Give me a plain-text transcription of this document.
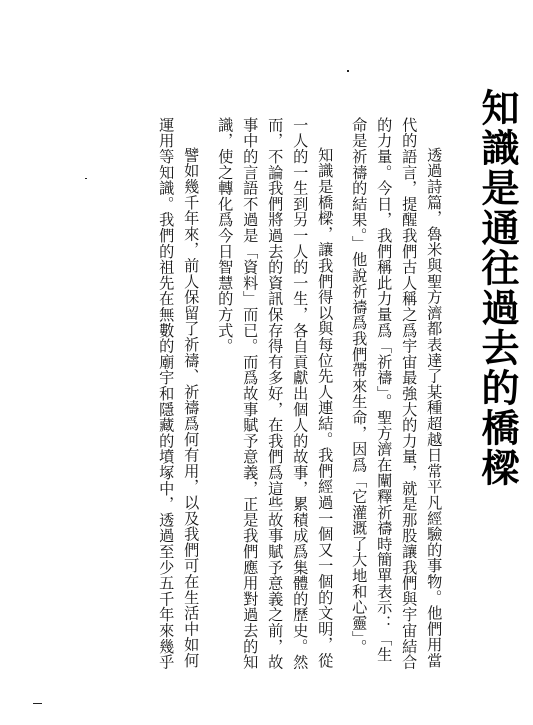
知識是通往過去的橋樑
透過詩篇，魯米與聖方濟都表達了某種超越日常平凡經驗的事物。他們用當
代的語言，提醒我們古人稱之爲宇宙最強大的力量，就是那股讓我們與宇宙結合
的力量。今日，我們稱此力量爲「祈禱」。聖方濟在闡釋祈禱時簡單表示：「生
命是祈禱的結果。」他說祈禱爲我們帶來生命，因爲「它灌溉了大地和心靈」。
知識是橋樑，讓我們得以與每位先人連結。我們經過一個又一個的文明，從
一人的一生到另一人的一生，各自貢獻出個人的故事，累積成爲集體的歷史。然
而，不論我們將過去的資訊保存得有多好，在我們爲這些故事賦予意義之前，故
事中的言語不過是「資料」而已。而爲故事賦予意義，正是我們應用對過去的知
識，使之轉化爲今日智慧的方式。
譬如幾千年來，前人保留了祈禱、祈禱爲何有用，以及我們可在生活中如何
運用等知識。我們的祖先在無數的廟宇和隱藏的墳塚中，透過至少五千年來幾乎
